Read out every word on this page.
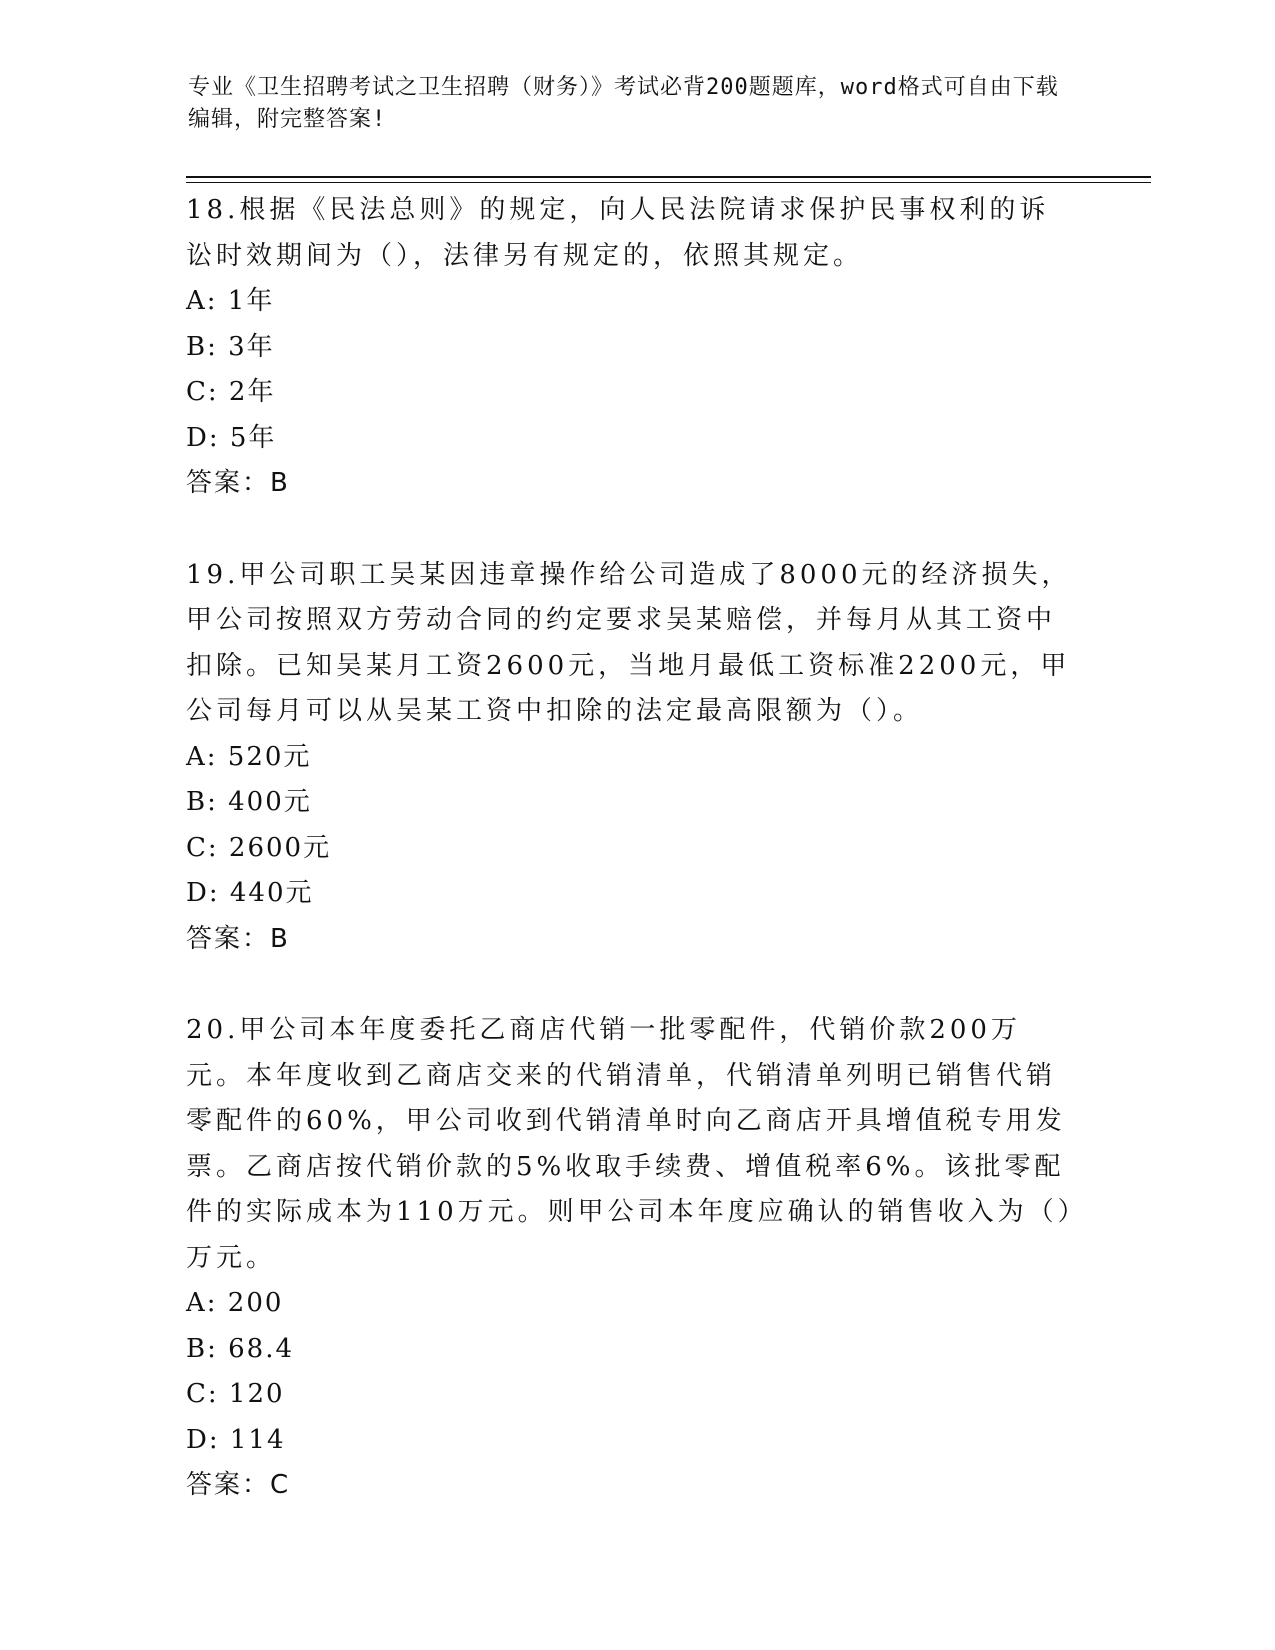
专业《卫生招聘考试之卫生招聘（财务）》考试必背200题题库，word格式可自由下载编辑，附完整答案!

18.根据《民法总则》的规定，向人民法院请求保护民事权利的诉讼时效期间为（），法律另有规定的，依照其规定。

A: 1年

B: 3年

C: 2年

D: 5年

答案：B

19.甲公司职工吴某因违章操作给公司造成了8000元的经济损失，甲公司按照双方劳动合同的约定要求吴某赔偿，并每月从其工资中扣除。已知吴某月工资2600元，当地月最低工资标准2200元，甲公司每月可以从吴某工资中扣除的法定最高限额为（）。

A: 520元

B: 400元

C: 2600元

D: 440元

答案：B

20.甲公司本年度委托乙商店代销一批零配件，代销价款200万元。本年度收到乙商店交来的代销清单，代销清单列明已销售代销零配件的60%，甲公司收到代销清单时向乙商店开具增值税专用发票。乙商店按代销价款的5%收取手续费、增值税率6%。该批零配件的实际成本为110万元。则甲公司本年度应确认的销售收入为（）万元。

A: 200

B: 68.4

C: 120

D: 114

答案：C
